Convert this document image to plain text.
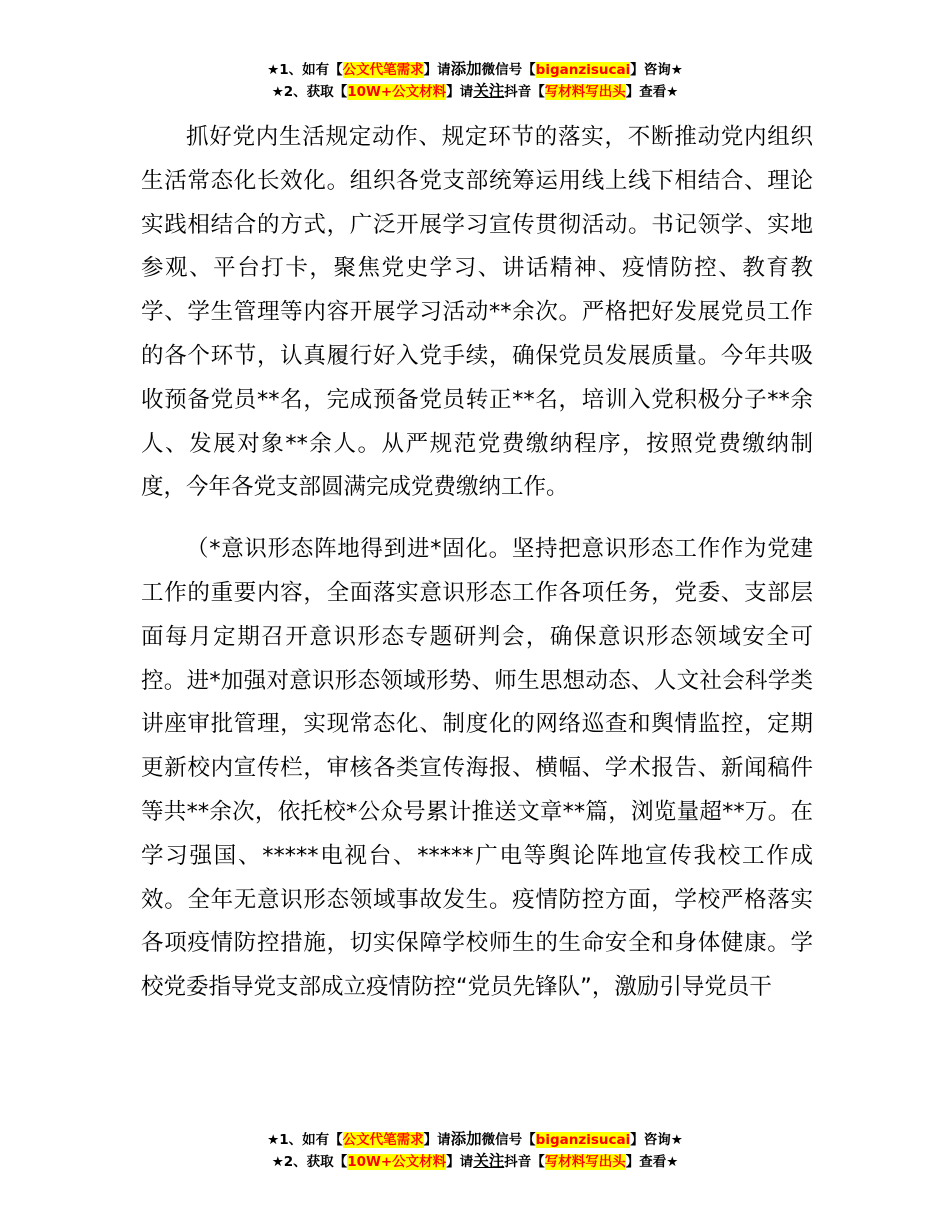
★1、如有【公文代笔需求】请添加微信号【biganzisucai】咨询★
★2、获取【10W+公文材料】请关注抖音【写材料写出头】查看★

抓好党内生活规定动作、规定环节的落实，不断推动党内组织生活常态化长效化。组织各党支部统筹运用线上线下相结合、理论实践相结合的方式，广泛开展学习宣传贯彻活动。书记领学、实地参观、平台打卡，聚焦党史学习、讲话精神、疫情防控、教育教学、学生管理等内容开展学习活动**余次。严格把好发展党员工作的各个环节，认真履行好入党手续，确保党员发展质量。今年共吸收预备党员**名，完成预备党员转正**名，培训入党积极分子**余人、发展对象**余人。从严规范党费缴纳程序，按照党费缴纳制度，今年各党支部圆满完成党费缴纳工作。

（*意识形态阵地得到进*固化。坚持把意识形态工作作为党建工作的重要内容，全面落实意识形态工作各项任务，党委、支部层面每月定期召开意识形态专题研判会，确保意识形态领域安全可控。进*加强对意识形态领域形势、师生思想动态、人文社会科学类讲座审批管理，实现常态化、制度化的网络巡查和舆情监控，定期更新校内宣传栏，审核各类宣传海报、横幅、学术报告、新闻稿件等共**余次，依托校*公众号累计推送文章**篇，浏览量超**万。在学习强国、*****电视台、*****广电等舆论阵地宣传我校工作成效。全年无意识形态领域事故发生。疫情防控方面，学校严格落实各项疫情防控措施，切实保障学校师生的生命安全和身体健康。学校党委指导党支部成立疫情防控“党员先锋队”，激励引导党员干

★1、如有【公文代笔需求】请添加微信号【biganzisucai】咨询★
★2、获取【10W+公文材料】请关注抖音【写材料写出头】查看★
